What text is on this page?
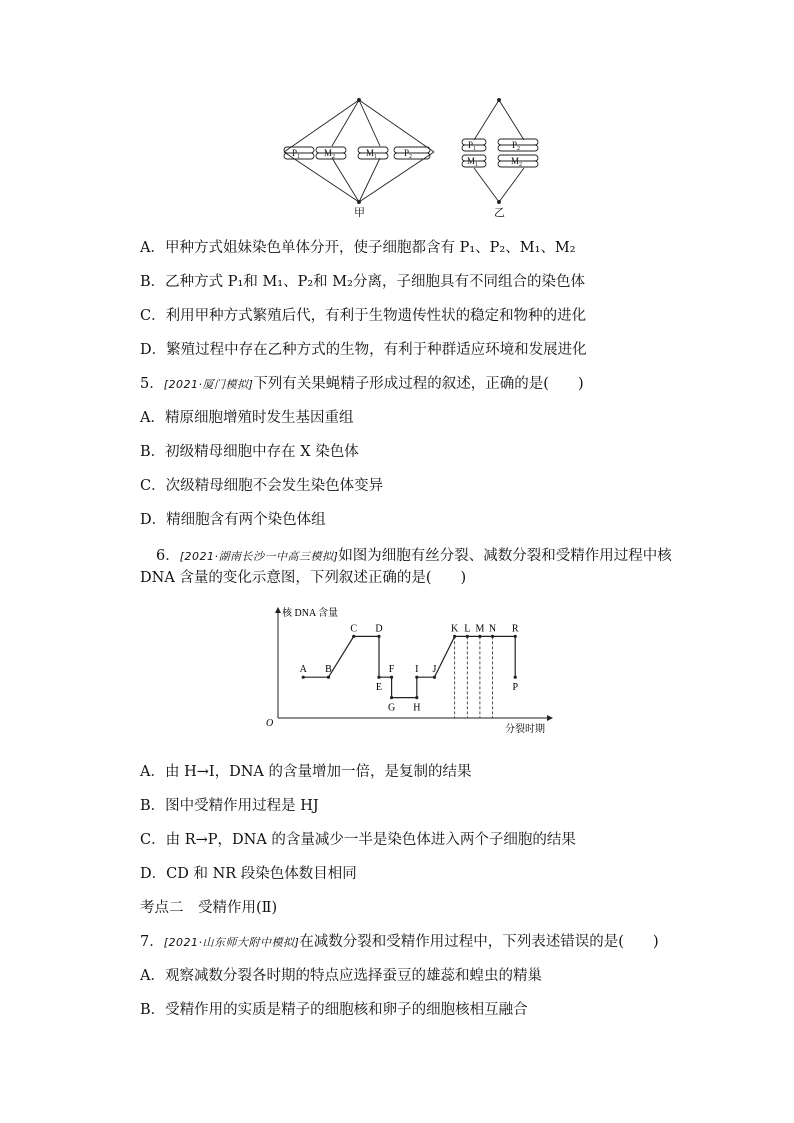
$P_1$	$M_2$	$M_1$	$P_2$
甲
$P_1$	$P_2$
$M_1$	$M_2$
乙
A．甲种方式姐妹染色单体分开，使子细胞都含有 P₁、P₂、M₁、M₂
B．乙种方式 P₁和 M₁、P₂和 M₂分离，子细胞具有不同组合的染色体
C．利用甲种方式繁殖后代，有利于生物遗传性状的稳定和物种的进化
D．繁殖过程中存在乙种方式的生物，有利于种群适应环境和发展进化
5．[2021·厦门模拟]下列有关果蝇精子形成过程的叙述，正确的是(　　)
A．精原细胞增殖时发生基因重组
B．初级精母细胞中存在 X 染色体
C．次级精母细胞不会发生染色体变异
D．精细胞含有两个染色体组
6．[2021·湖南长沙一中高三模拟]如图为细胞有丝分裂、减数分裂和受精作用过程中核
DNA 含量的变化示意图，下列叙述正确的是(　　)
核 DNA 含量
分裂时期
O
A B
C D
E
F
G H
I J
K L M N R
P
A．由 H→I，DNA 的含量增加一倍，是复制的结果
B．图中受精作用过程是 HJ
C．由 R→P，DNA 的含量减少一半是染色体进入两个子细胞的结果
D．CD 和 NR 段染色体数目相同
考点二　受精作用(Ⅱ)
7．[2021·山东师大附中模拟]在减数分裂和受精作用过程中，下列表述错误的是(　　)
A．观察减数分裂各时期的特点应选择蚕豆的雄蕊和蝗虫的精巢
B．受精作用的实质是精子的细胞核和卵子的细胞核相互融合
